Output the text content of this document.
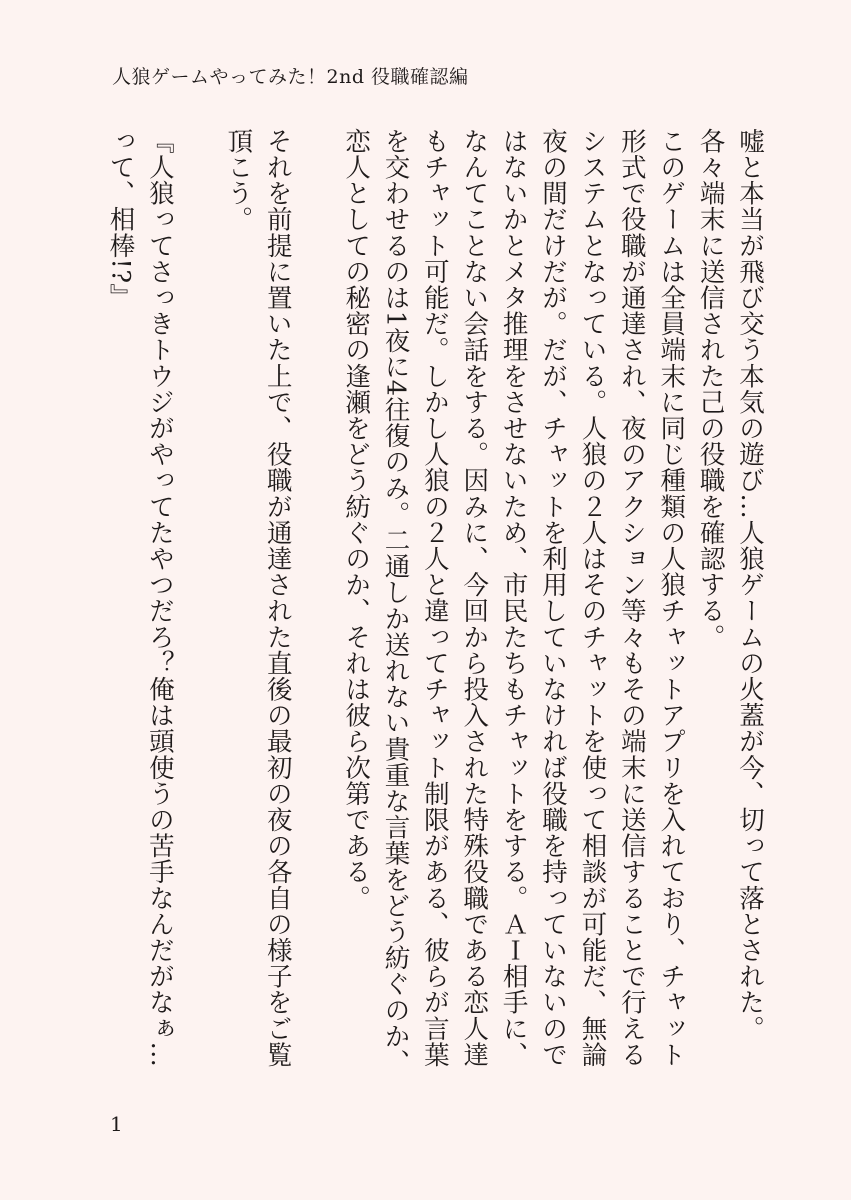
人狼ゲームやってみた！2nd 役職確認編

嘘と本当が飛び交う本気の遊び…人狼ゲームの火蓋が今、切って落とされた。

各々端末に送信された己の役職を確認する。

このゲームは全員端末に同じ種類の人狼チャットアプリを入れており、チャット形式で役職が通達され、夜のアクション等々もその端末に送信することで行えるシステムとなっている。人狼の２人はそのチャットを使って相談が可能だ、無論夜の間だけだが。だが、チャットを利用していなければ役職を持っていないのではないかとメタ推理をさせないため、市民たちもチャットをする。ＡＩ相手に、なんてことない会話をする。因みに、今回から投入された特殊役職である恋人達もチャット可能だ。しかし人狼の２人と違ってチャット制限がある、彼らが言葉を交わせるのは1夜に4往復のみ。二通しか送れない貴重な言葉をどう紡ぐのか、恋人としての秘密の逢瀬をどう紡ぐのか、それは彼ら次第である。

それを前提に置いた上で、役職が通達された直後の最初の夜の各自の様子をご覧頂こう。

『人狼ってさっきトウジがやってたやつだろ？俺は頭使うの苦手なんだがなぁ…って、相棒!?』

1
